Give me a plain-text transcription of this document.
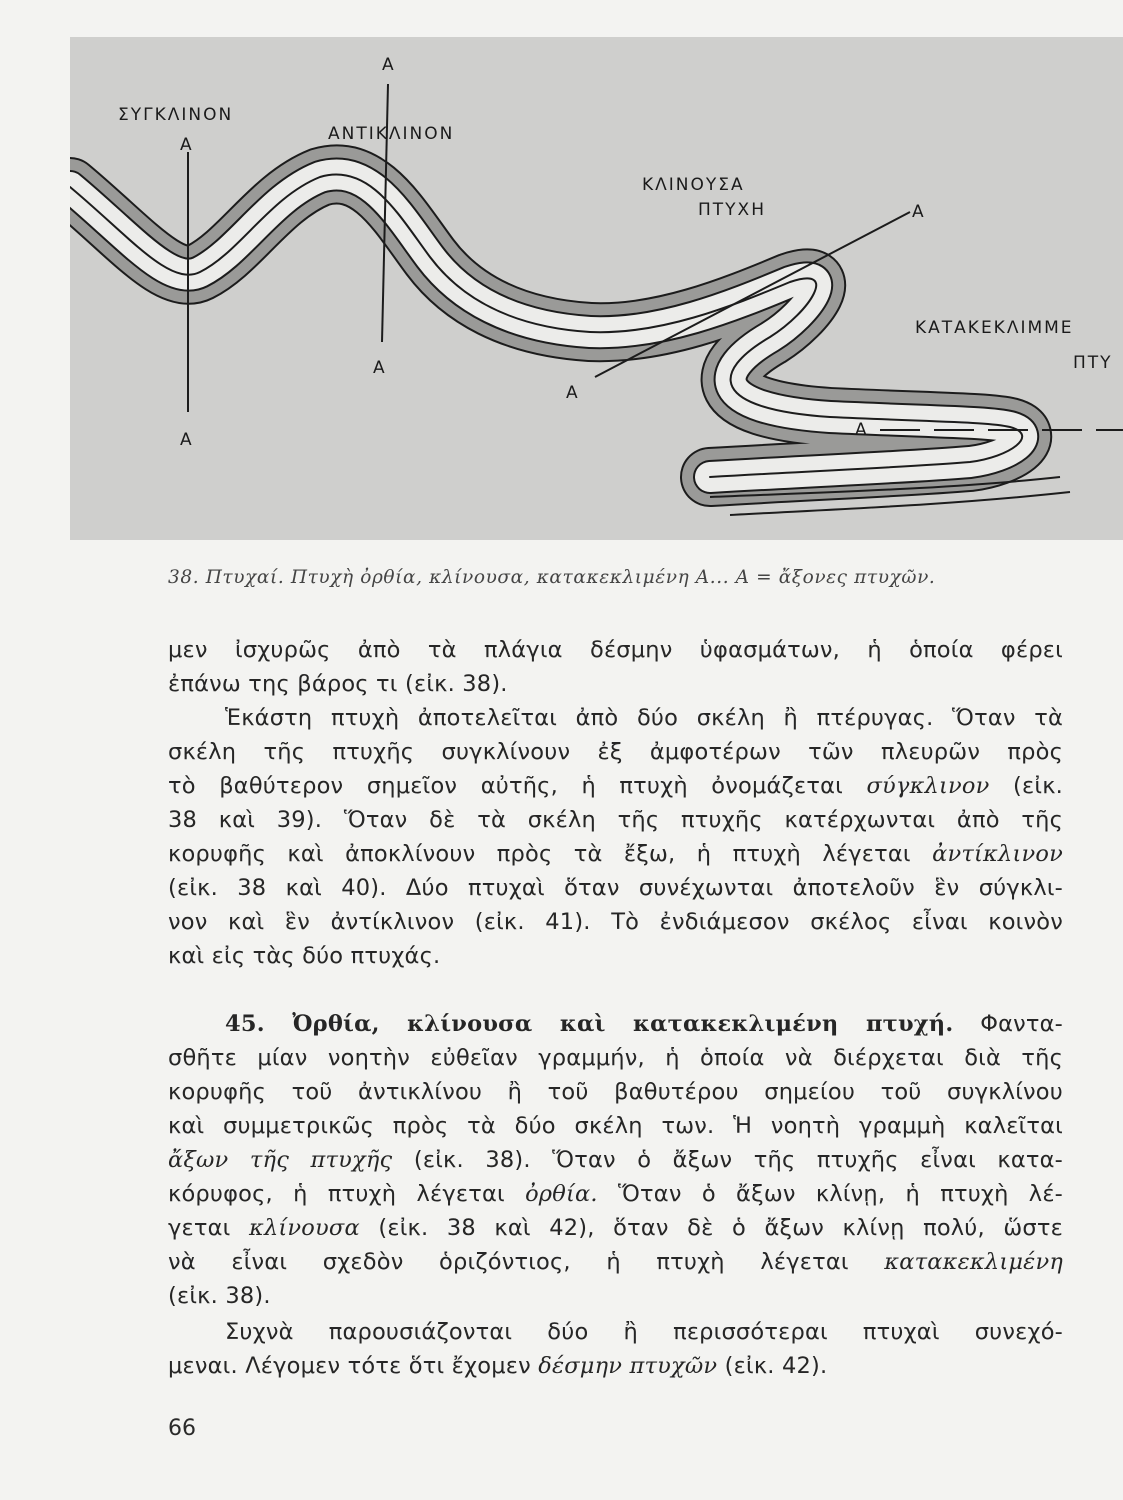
ΣΥΓΚΛΙΝΟΝ
Α
Α
Α
ΑΝΤΙΚΛΙΝΟΝ
Α
ΚΛΙΝΟΥΣΑ
ΠΤΥΧΗ	Α
Α
ΚΑΤΑΚΕΚΛΙΜΜΕ
ΠΤΥ
Α
38. Πτυχαί. Πτυχὴ ὀρθία, κλίνουσα, κατακεκλιμένη Α... Α = ἄξονες πτυχῶν.
μεν ἰσχυρῶς ἀπὸ τὰ πλάγια δέσμην ὑφασμάτων, ἡ ὁποία φέρει
ἐπάνω της βάρος τι (εἰκ. 38).
Ἑκάστη πτυχὴ ἀποτελεῖται ἀπὸ δύο σκέλη ἢ πτέρυγας. Ὅταν τὰ
σκέλη τῆς πτυχῆς συγκλίνουν ἐξ ἀμφοτέρων τῶν πλευρῶν πρὸς
τὸ βαθύτερον σημεῖον αὐτῆς, ἡ πτυχὴ ὀνομάζεται σύγκλινον (εἰκ.
38 καὶ 39). Ὅταν δὲ τὰ σκέλη τῆς πτυχῆς κατέρχωνται ἀπὸ τῆς
κορυφῆς καὶ ἀποκλίνουν πρὸς τὰ ἔξω, ἡ πτυχὴ λέγεται ἀντίκλινον
(εἰκ. 38 καὶ 40). Δύο πτυχαὶ ὅταν συνέχωνται ἀποτελοῦν ἓν σύγκλι-
νον καὶ ἓν ἀντίκλινον (εἰκ. 41). Τὸ ἐνδιάμεσον σκέλος εἶναι κοινὸν
καὶ εἰς τὰς δύο πτυχάς.
45. Ὀρθία, κλίνουσα καὶ κατακεκλιμένη πτυχή. Φαντα-
σθῆτε μίαν νοητὴν εὐθεῖαν γραμμήν, ἡ ὁποία νὰ διέρχεται διὰ τῆς
κορυφῆς τοῦ ἀντικλίνου ἢ τοῦ βαθυτέρου σημείου τοῦ συγκλίνου
καὶ συμμετρικῶς πρὸς τὰ δύο σκέλη των. Ἡ νοητὴ γραμμὴ καλεῖται
ἄξων τῆς πτυχῆς (εἰκ. 38). Ὅταν ὁ ἄξων τῆς πτυχῆς εἶναι κατα-
κόρυφος, ἡ πτυχὴ λέγεται ὀρθία. Ὅταν ὁ ἄξων κλίνῃ, ἡ πτυχὴ λέ-
γεται κλίνουσα (εἰκ. 38 καὶ 42), ὅταν δὲ ὁ ἄξων κλίνῃ πολύ, ὥστε
νὰ εἶναι σχεδὸν ὁριζόντιος, ἡ πτυχὴ λέγεται κατακεκλιμένη
(εἰκ. 38).
Συχνὰ παρουσιάζονται δύο ἢ περισσότεραι πτυχαὶ συνεχό-
μεναι. Λέγομεν τότε ὅτι ἔχομεν δέσμην πτυχῶν (εἰκ. 42).
66
